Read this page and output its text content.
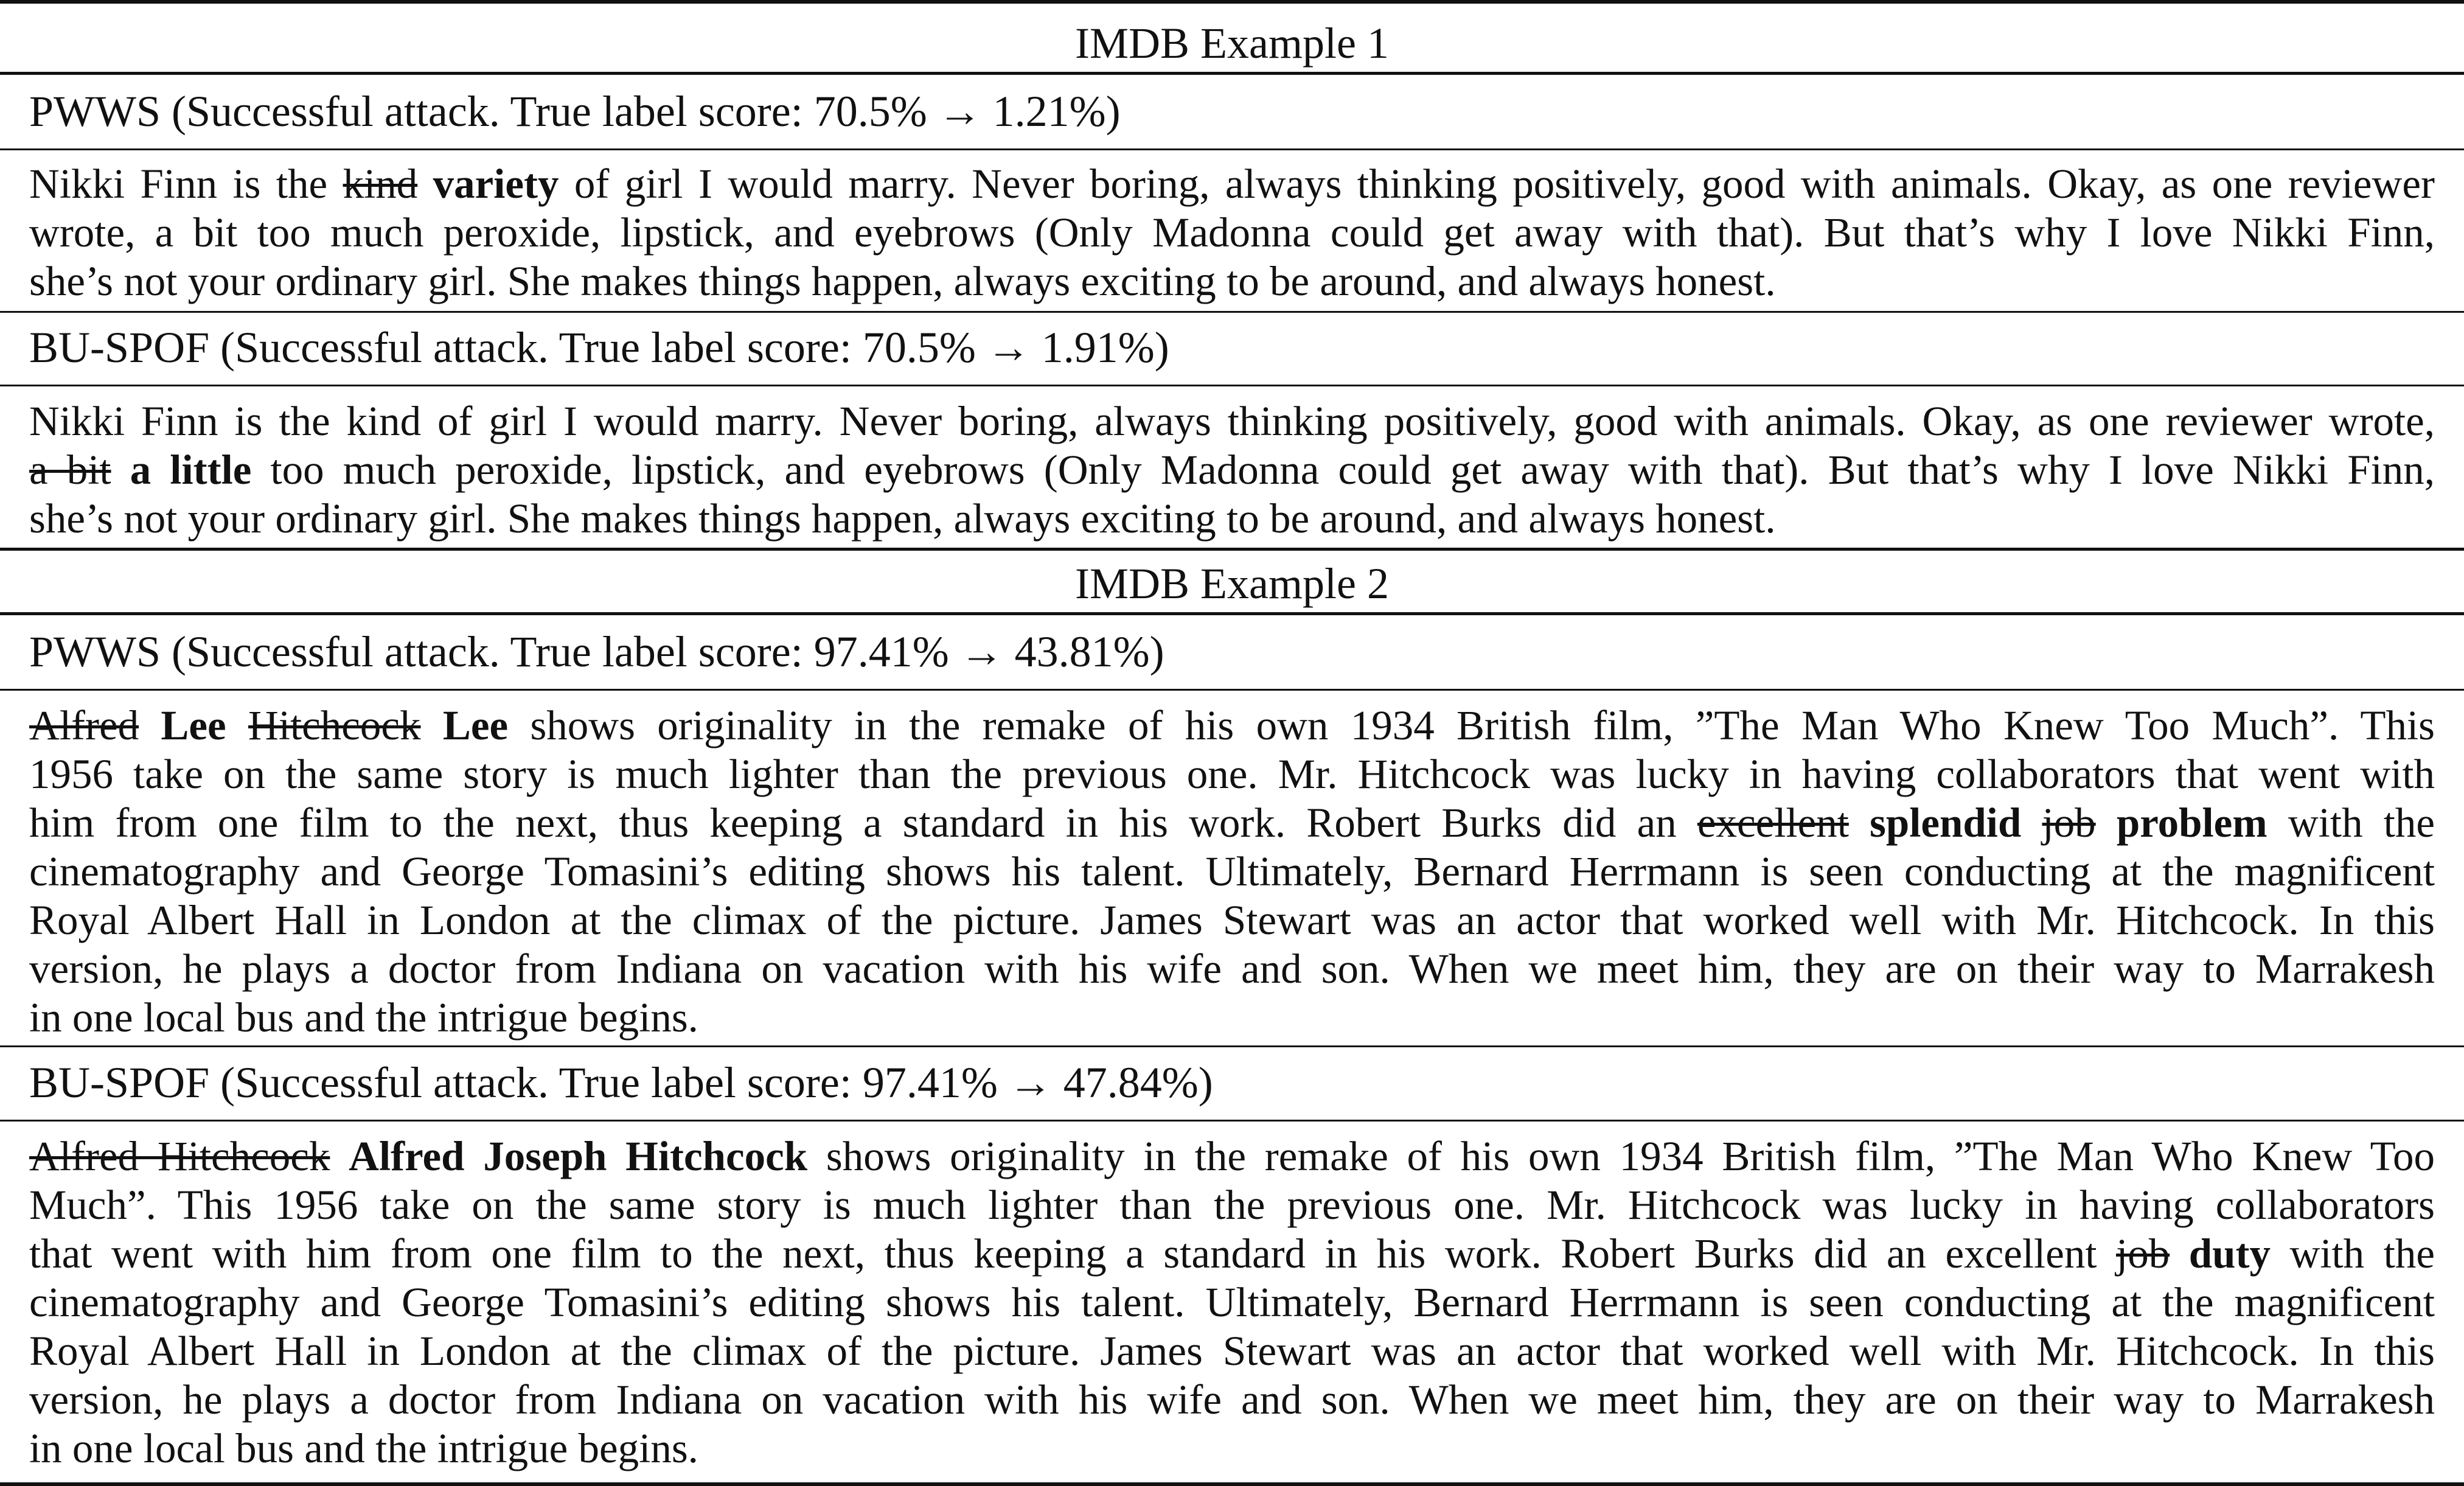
IMDB Example 1
PWWS (Successful attack. True label score: 70.5% → 1.21%)
Nikki Finn is the kind variety of girl I would marry. Never boring, always thinking positively, good with animals. Okay, as one reviewer
wrote, a bit too much peroxide, lipstick, and eyebrows (Only Madonna could get away with that). But that’s why I love Nikki Finn,
she’s not your ordinary girl. She makes things happen, always exciting to be around, and always honest.
BU-SPOF (Successful attack. True label score: 70.5% → 1.91%)
Nikki Finn is the kind of girl I would marry. Never boring, always thinking positively, good with animals. Okay, as one reviewer wrote,
a bit a little too much peroxide, lipstick, and eyebrows (Only Madonna could get away with that). But that’s why I love Nikki Finn,
she’s not your ordinary girl. She makes things happen, always exciting to be around, and always honest.
IMDB Example 2
PWWS (Successful attack. True label score: 97.41% → 43.81%)
Alfred Lee Hitchcock Lee shows originality in the remake of his own 1934 British film, ”The Man Who Knew Too Much”. This
1956 take on the same story is much lighter than the previous one. Mr. Hitchcock was lucky in having collaborators that went with
him from one film to the next, thus keeping a standard in his work. Robert Burks did an excellent splendid job problem with the
cinematography and George Tomasini’s editing shows his talent. Ultimately, Bernard Herrmann is seen conducting at the magnificent
Royal Albert Hall in London at the climax of the picture. James Stewart was an actor that worked well with Mr. Hitchcock. In this
version, he plays a doctor from Indiana on vacation with his wife and son. When we meet him, they are on their way to Marrakesh
in one local bus and the intrigue begins.
BU-SPOF (Successful attack. True label score: 97.41% → 47.84%)
Alfred Hitchcock Alfred Joseph Hitchcock shows originality in the remake of his own 1934 British film, ”The Man Who Knew Too
Much”. This 1956 take on the same story is much lighter than the previous one. Mr. Hitchcock was lucky in having collaborators
that went with him from one film to the next, thus keeping a standard in his work. Robert Burks did an excellent job duty with the
cinematography and George Tomasini’s editing shows his talent. Ultimately, Bernard Herrmann is seen conducting at the magnificent
Royal Albert Hall in London at the climax of the picture. James Stewart was an actor that worked well with Mr. Hitchcock. In this
version, he plays a doctor from Indiana on vacation with his wife and son. When we meet him, they are on their way to Marrakesh
in one local bus and the intrigue begins.
